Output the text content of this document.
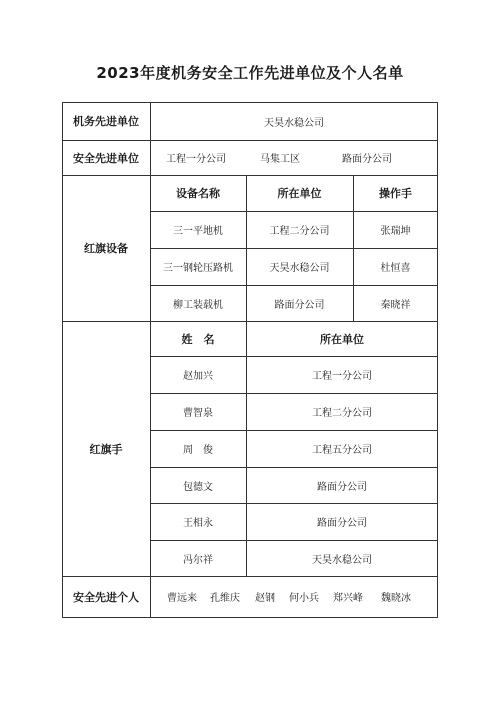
2023年度机务安全工作先进单位及个人名单
机务先进单位	天昊水稳公司
安全先进单位	工程一分公司	马集工区	路面分公司
红旗设备
设备名称	所在单位	操作手
三一平地机	工程二分公司	张瑞坤
三一钢轮压路机	天昊水稳公司	杜恒喜
柳工装载机	路面分公司	秦晓祥
红旗手
姓　名	所在单位
赵加兴	工程一分公司
曹智泉	工程二分公司
周　俊	工程五分公司
包德文	路面分公司
王相永	路面分公司
冯尔祥	天昊水稳公司
安全先进个人	曹远来	孔维庆	赵钢	何小兵	郑兴峰	魏晓冰
